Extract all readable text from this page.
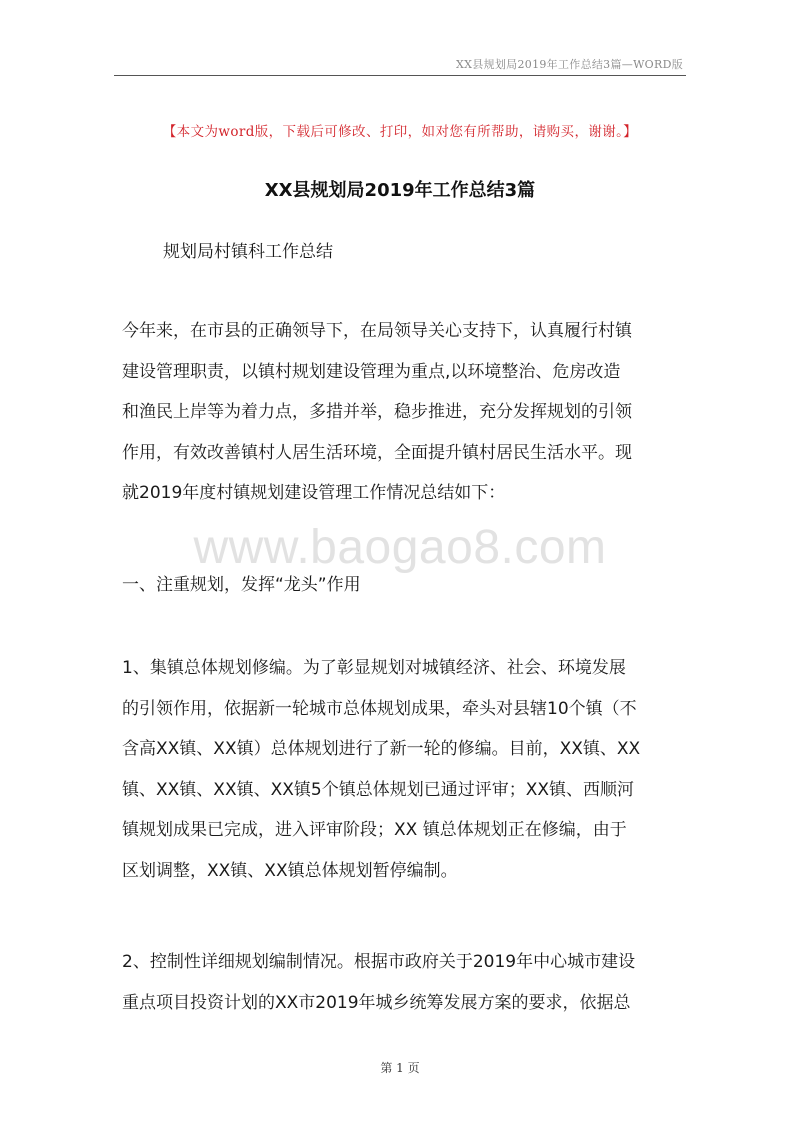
XX县规划局2019年工作总结3篇—WORD版
【本文为word版，下载后可修改、打印，如对您有所帮助，请购买，谢谢。】
XX县规划局2019年工作总结3篇
规划局村镇科工作总结
今年来，在市县的正确领导下，在局领导关心支持下，认真履行村镇
建设管理职责，以镇村规划建设管理为重点,以环境整治、危房改造
和渔民上岸等为着力点，多措并举，稳步推进，充分发挥规划的引领
作用，有效改善镇村人居生活环境，全面提升镇村居民生活水平。现
就2019年度村镇规划建设管理工作情况总结如下：
www.baogao8.com
一、注重规划，发挥“龙头”作用
1、集镇总体规划修编。为了彰显规划对城镇经济、社会、环境发展
的引领作用，依据新一轮城市总体规划成果，牵头对县辖10个镇（不
含高XX镇、XX镇）总体规划进行了新一轮的修编。目前，XX镇、XX
镇、XX镇、XX镇、XX镇5个镇总体规划已通过评审；XX镇、西顺河
镇规划成果已完成，进入评审阶段；XX 镇总体规划正在修编，由于
区划调整，XX镇、XX镇总体规划暂停编制。
2、控制性详细规划编制情况。根据市政府关于2019年中心城市建设
重点项目投资计划的XX市2019年城乡统筹发展方案的要求，依据总
第 1 页
